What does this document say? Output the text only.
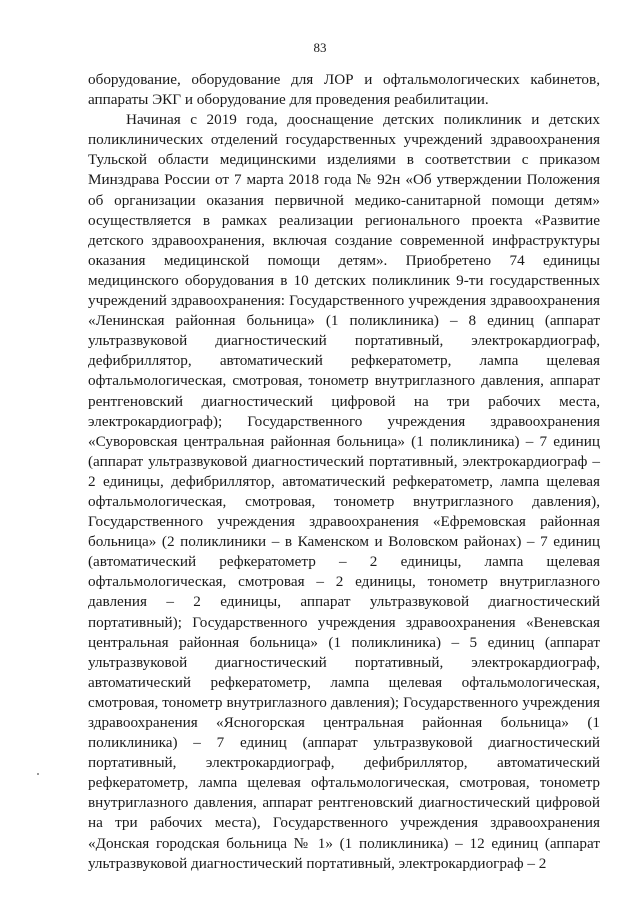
83

оборудование, оборудование для ЛОР и офтальмологических кабинетов, аппараты ЭКГ и оборудование для проведения реабилитации.

Начиная с 2019 года, дооснащение детских поликлиник и детских поликлинических отделений государственных учреждений здравоохранения Тульской области медицинскими изделиями в соответствии с приказом Минздрава России от 7 марта 2018 года № 92н «Об утверждении Положения об организации оказания первичной медико-санитарной помощи детям» осуществляется в рамках реализации регионального проекта «Развитие детского здравоохранения, включая создание современной инфраструктуры оказания медицинской помощи детям». Приобретено 74 единицы медицинского оборудования в 10 детских поликлиник 9-ти государственных учреждений здравоохранения: Государственного учреждения здравоохранения «Ленинская районная больница» (1 поликлиника) – 8 единиц (аппарат ультразвуковой диагностический портативный, электрокардиограф, дефибриллятор, автоматический рефкератометр, лампа щелевая офтальмологическая, смотровая, тонометр внутриглазного давления, аппарат рентгеновский диагностический цифровой на три рабочих места, электрокардиограф); Государственного учреждения здравоохранения «Суворовская центральная районная больница» (1 поликлиника) – 7 единиц (аппарат ультразвуковой диагностический портативный, электрокардиограф – 2 единицы, дефибриллятор, автоматический рефкератометр, лампа щелевая офтальмологическая, смотровая, тонометр внутриглазного давления), Государственного учреждения здравоохранения «Ефремовская районная больница» (2 поликлиники – в Каменском и Воловском районах) – 7 единиц (автоматический рефкератометр – 2 единицы, лампа щелевая офтальмологическая, смотровая – 2 единицы, тонометр внутриглазного давления – 2 единицы, аппарат ультразвуковой диагностический портативный); Государственного учреждения здравоохранения «Веневская центральная районная больница» (1 поликлиника) – 5 единиц (аппарат ультразвуковой диагностический портативный, электрокардиограф, автоматический рефкератометр, лампа щелевая офтальмологическая, смотровая, тонометр внутриглазного давления); Государственного учреждения здравоохранения «Ясногорская центральная районная больница» (1 поликлиника) – 7 единиц (аппарат ультразвуковой диагностический портативный, электрокардиограф, дефибриллятор, автоматический рефкератометр, лампа щелевая офтальмологическая, смотровая, тонометр внутриглазного давления, аппарат рентгеновский диагностический цифровой на три рабочих места), Государственного учреждения здравоохранения «Донская городская больница № 1» (1 поликлиника) – 12 единиц (аппарат ультразвуковой диагностический портативный, электрокардиограф – 2
